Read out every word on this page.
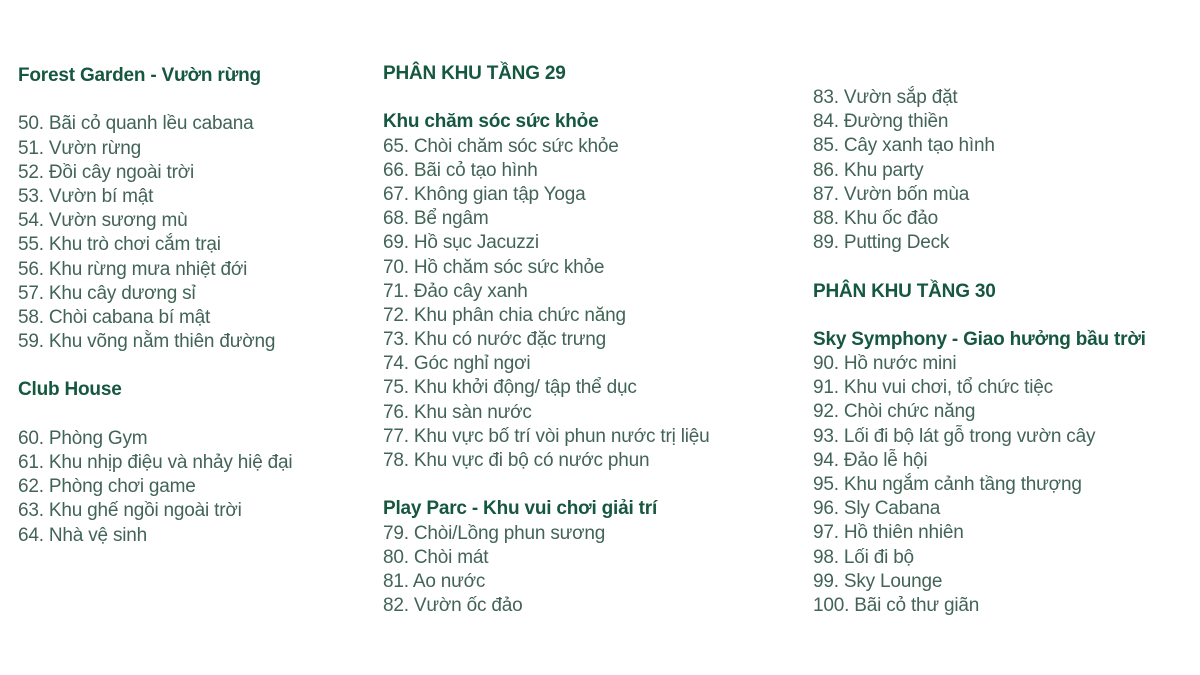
Forest Garden - Vườn rừng
50. Bãi cỏ quanh lều cabana
51. Vườn rừng
52. Đồi cây ngoài trời
53. Vườn bí mật
54. Vườn sương mù
55. Khu trò chơi cắm trại
56. Khu rừng mưa nhiệt đới
57. Khu cây dương sỉ
58. Chòi cabana bí mật
59. Khu võng nằm thiên đường
Club House
60. Phòng Gym
61. Khu nhịp điệu và nhảy hiệ đại
62. Phòng chơi game
63. Khu ghế ngồi ngoài trời
64. Nhà vệ sinh
PHÂN KHU TẦNG 29
Khu chăm sóc sức khỏe
65. Chòi chăm sóc sức khỏe
66. Bãi cỏ tạo hình
67. Không gian tập Yoga
68. Bể ngâm
69. Hồ sục Jacuzzi
70. Hồ chăm sóc sức khỏe
71. Đảo cây xanh
72. Khu phân chia chức năng
73. Khu có nước đặc trưng
74. Góc nghỉ ngơi
75. Khu khởi động/ tập thể dục
76. Khu sàn nước
77. Khu vực bố trí vòi phun nước trị liệu
78. Khu vực đi bộ có nước phun
Play Parc - Khu vui chơi giải trí
79. Chòi/Lồng phun sương
80. Chòi mát
81. Ao nước
82. Vườn ốc đảo
83. Vườn sắp đặt
84. Đường thiền
85. Cây xanh tạo hình
86. Khu party
87. Vườn bốn mùa
88. Khu ốc đảo
89. Putting Deck
PHÂN KHU TẦNG 30
Sky Symphony - Giao hưởng bầu trời
90. Hồ nước mini
91. Khu vui chơi, tổ chức tiệc
92. Chòi chức năng
93. Lối đi bộ lát gỗ trong vườn cây
94. Đảo lễ hội
95. Khu ngắm cảnh tầng thượng
96. Sly Cabana
97. Hồ thiên nhiên
98. Lối đi bộ
99. Sky Lounge
100. Bãi cỏ thư giãn
